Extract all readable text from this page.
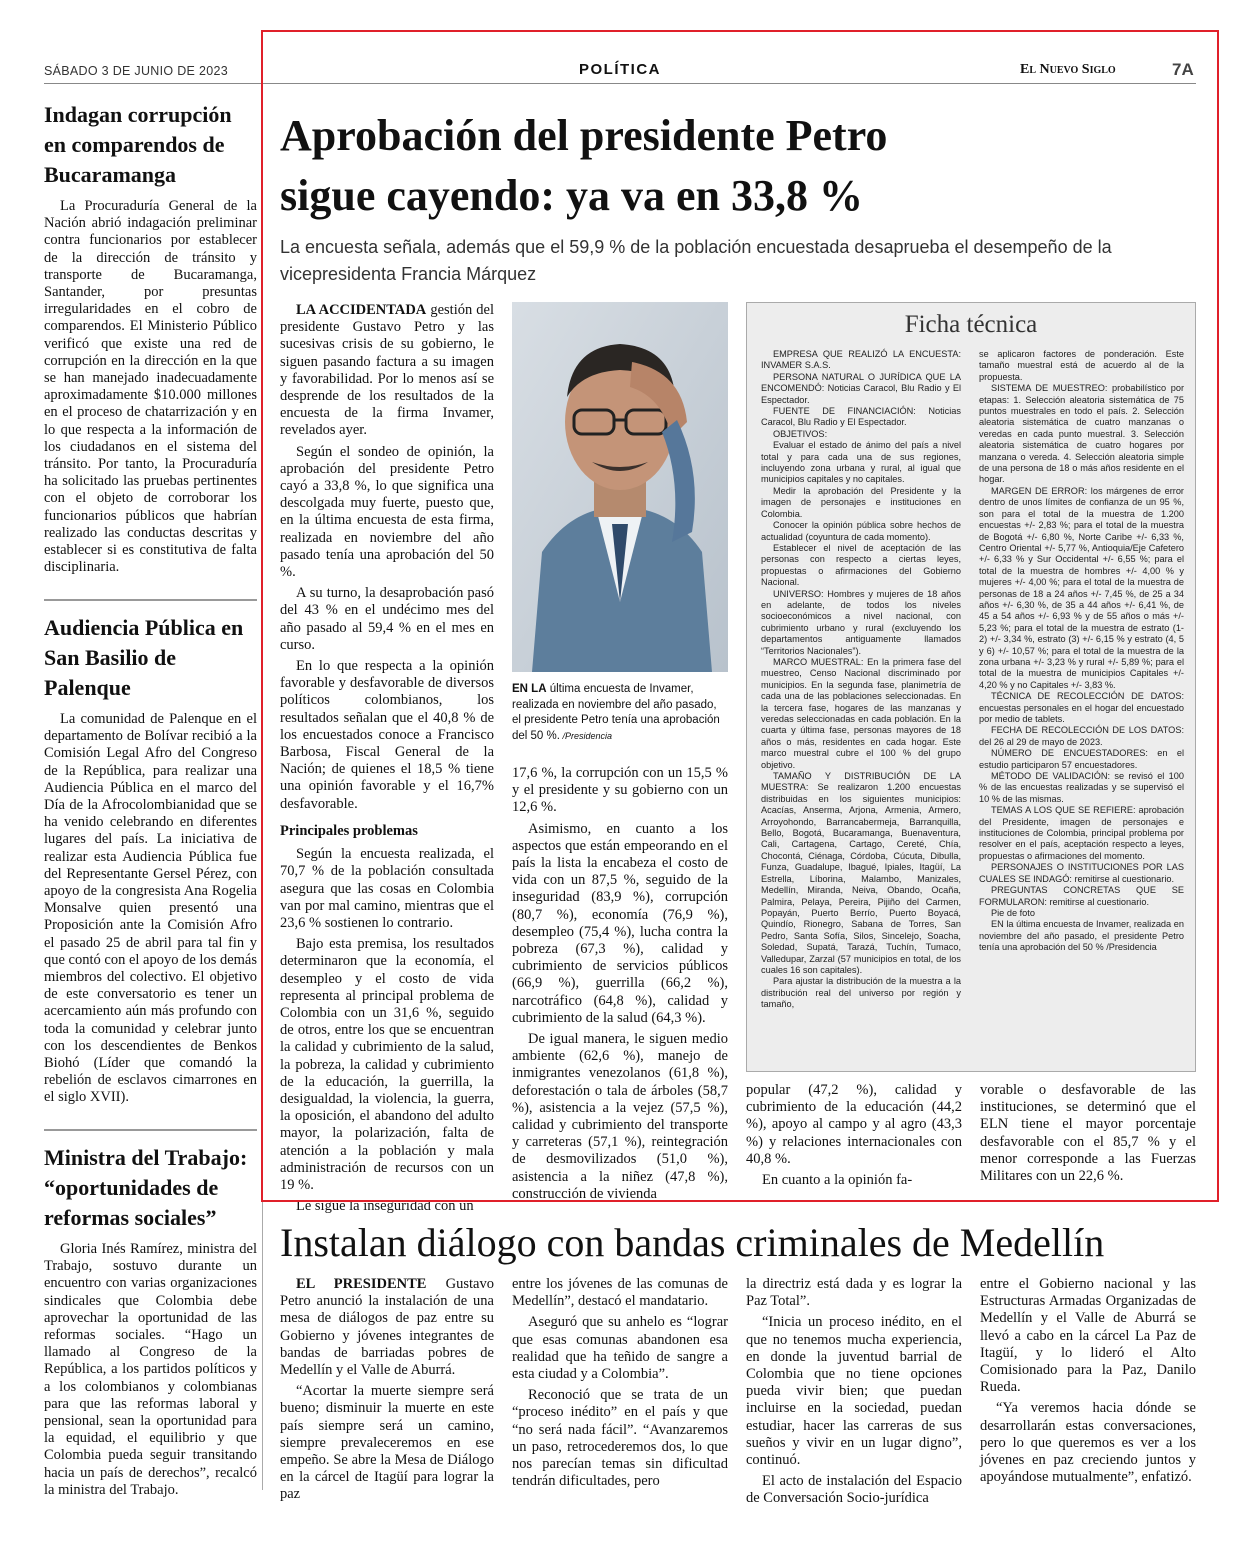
SÁBADO 3 DE JUNIO DE 2023	POLÍTICA	El Nuevo Siglo	7A
Indagan corrupción en comparendos de Bucaramanga

La Procuraduría General de la Nación abrió indagación preliminar contra funcionarios por establecer de la dirección de tránsito y transporte de Bucaramanga, Santander, por presuntas irregularidades en el cobro de comparendos. El Ministerio Público verificó que existe una red de corrupción en la dirección en la que se han manejado inadecuadamente aproximadamente $10.000 millones en el proceso de chatarrización y en lo que respecta a la información de los ciudadanos en el sistema del tránsito. Por tanto, la Procuraduría ha solicitado las pruebas pertinentes con el objeto de corroborar los funcionarios públicos que habrían realizado las conductas descritas y establecer si es constitutiva de falta disciplinaria.

Audiencia Pública en San Basilio de Palenque

La comunidad de Palenque en el departamento de Bolívar recibió a la Comisión Legal Afro del Congreso de la República, para realizar una Audiencia Pública en el marco del Día de la Afrocolombianidad que se ha venido celebrando en diferentes lugares del país. La iniciativa de realizar esta Audiencia Pública fue del Representante Gersel Pérez, con apoyo de la congresista Ana Rogelia Monsalve quien presentó una Proposición ante la Comisión Afro el pasado 25 de abril para tal fin y que contó con el apoyo de los demás miembros del colectivo. El objetivo de este conversatorio es tener un acercamiento aún más profundo con toda la comunidad y celebrar junto con los descendientes de Benkos Biohó (Líder que comandó la rebelión de esclavos cimarrones en el siglo XVII).

Ministra del Trabajo: “oportunidades de reformas sociales”

Gloria Inés Ramírez, ministra del Trabajo, sostuvo durante un encuentro con varias organizaciones sindicales que Colombia debe aprovechar la oportunidad de las reformas sociales. “Hago un llamado al Congreso de la República, a los partidos políticos y a los colombianos y colombianas para que las reformas laboral y pensional, sean la oportunidad para la equidad, el equilibrio y que Colombia pueda seguir transitando hacia un país de derechos”, recalcó la ministra del Trabajo.

Aprobación del presidente Petro
sigue cayendo: ya va en 33,8 %
La encuesta señala, además que el 59,9 % de la población encuestada desaprueba el desempeño de la vicepresidenta Francia Márquez

LA ACCIDENTADA gestión del presidente Gustavo Petro y las sucesivas crisis de su gobierno, le siguen pasando factura a su imagen y favorabilidad. Por lo menos así se desprende de los resultados de la encuesta de la firma Invamer, revelados ayer.

Según el sondeo de opinión, la aprobación del presidente Petro cayó a 33,8 %, lo que significa una descolgada muy fuerte, puesto que, en la última encuesta de esta firma, realizada en noviembre del año pasado tenía una aprobación del 50 %.

A su turno, la desaprobación pasó del 43 % en el undécimo mes del año pasado al 59,4 % en el mes en curso.

En lo que respecta a la opinión favorable y desfavorable de diversos políticos colombianos, los resultados señalan que el 40,8 % de los encuestados conoce a Francisco Barbosa, Fiscal General de la Nación; de quienes el 18,5 % tiene una opinión favorable y el 16,7% desfavorable.

Principales problemas

Según la encuesta realizada, el 70,7 % de la población consultada asegura que las cosas en Colombia van por mal camino, mientras que el 23,6 % sostienen lo contrario.

Bajo esta premisa, los resultados determinaron que la economía, el desempleo y el costo de vida representa al principal problema de Colombia con un 31,6 %, seguido de otros, entre los que se encuentran la calidad y cubrimiento de la salud, la pobreza, la calidad y cubrimiento de la educación, la guerrilla, la desigualdad, la violencia, la guerra, la oposición, el abandono del adulto mayor, la polarización, falta de atención a la población y mala administración de recursos con un 19 %.

Le sigue la inseguridad con un

EN LA última encuesta de Invamer, realizada en noviembre del año pasado, el presidente Petro tenía una aprobación del 50 %. /Presidencia

17,6 %, la corrupción con un 15,5 % y el presidente y su gobierno con un 12,6 %.

Asimismo, en cuanto a los aspectos que están empeorando en el país la lista la encabeza el costo de vida con un 87,5 %, seguido de la inseguridad (83,9 %), corrupción (80,7 %), economía (76,9 %), desempleo (75,4 %), lucha contra la pobreza (67,3 %), calidad y cubrimiento de servicios públicos (66,9 %), guerrilla (66,2 %), narcotráfico (64,8 %), calidad y cubrimiento de la salud (64,3 %).

De igual manera, le siguen medio ambiente (62,6 %), manejo de inmigrantes venezolanos (61,8 %), deforestación o tala de árboles (58,7 %), asistencia a la vejez (57,5 %), calidad y cubrimiento del transporte y carreteras (57,1 %), reintegración de desmovilizados (51,0 %), asistencia a la niñez (47,8 %), construcción de vivienda

Ficha técnica

EMPRESA QUE REALIZÓ LA ENCUESTA: INVAMER S.A.S.

PERSONA NATURAL O JURÍDICA QUE LA ENCOMENDÓ: Noticias Caracol, Blu Radio y El Espectador.

FUENTE DE FINANCIACIÓN: Noticias Caracol, Blu Radio y El Espectador.

OBJETIVOS:

Evaluar el estado de ánimo del país a nivel total y para cada una de sus regiones, incluyendo zona urbana y rural, al igual que municipios capitales y no capitales.

Medir la aprobación del Presidente y la imagen de personajes e instituciones en Colombia.

Conocer la opinión pública sobre hechos de actualidad (coyuntura de cada momento).

Establecer el nivel de aceptación de las personas con respecto a ciertas leyes, propuestas o afirmaciones del Gobierno Nacional.

UNIVERSO: Hombres y mujeres de 18 años en adelante, de todos los niveles socioeconómicos a nivel nacional, con cubrimiento urbano y rural (excluyendo los departamentos antiguamente llamados “Territorios Nacionales”).

MARCO MUESTRAL: En la primera fase del muestreo, Censo Nacional discriminado por municipios. En la segunda fase, planimetría de cada una de las poblaciones seleccionadas. En la tercera fase, hogares de las manzanas y veredas seleccionadas en cada población. En la cuarta y última fase, personas mayores de 18 años o más, residentes en cada hogar. Este marco muestral cubre el 100 % del grupo objetivo.

TAMAÑO Y DISTRIBUCIÓN DE LA MUESTRA: Se realizaron 1.200 encuestas distribuidas en los siguientes municipios: Acacías, Anserma, Arjona, Armenia, Armero, Arroyohondo, Barrancabermeja, Barranquilla, Bello, Bogotá, Bucaramanga, Buenaventura, Cali, Cartagena, Cartago, Cereté, Chía, Chocontá, Ciénaga, Córdoba, Cúcuta, Dibulla, Funza, Guadalupe, Ibagué, Ipiales, Itagüí, La Estrella, Líborina, Malambo, Manizales, Medellín, Miranda, Neiva, Obando, Ocaña, Palmira, Pelaya, Pereira, Pijiño del Carmen, Popayán, Puerto Berrío, Puerto Boyacá, Quindío, Rionegro, Sabana de Torres, San Pedro, Santa Sofía, Silos, Sincelejo, Soacha, Soledad, Supatá, Tarazá, Tuchín, Tumaco, Valledupar, Zarzal (57 municipios en total, de los cuales 16 son capitales).

Para ajustar la distribución de la muestra a la distribución real del universo por región y tamaño,

se aplicaron factores de ponderación. Este tamaño muestral está de acuerdo al de la propuesta.

SISTEMA DE MUESTREO: probabilístico por etapas: 1. Selección aleatoria sistemática de 75 puntos muestrales en todo el país. 2. Selección aleatoria sistemática de cuatro manzanas o veredas en cada punto muestral. 3. Selección aleatoria sistemática de cuatro hogares por manzana o vereda. 4. Selección aleatoria simple de una persona de 18 o más años residente en el hogar.

MARGEN DE ERROR: los márgenes de error dentro de unos límites de confianza de un 95 %, son para el total de la muestra de 1.200 encuestas +/- 2,83 %; para el total de la muestra de Bogotá +/- 6,80 %, Norte Caribe +/- 6,33 %, Centro Oriental +/- 5,77 %, Antioquia/Eje Cafetero +/- 6,33 % y Sur Occidental +/- 6,55 %; para el total de la muestra de hombres +/- 4,00 % y mujeres +/- 4,00 %; para el total de la muestra de personas de 18 a 24 años +/- 7,45 %, de 25 a 34 años +/- 6,30 %, de 35 a 44 años +/- 6,41 %, de 45 a 54 años +/- 6,93 % y de 55 años o más +/- 5,23 %; para el total de la muestra de estrato (1-2) +/- 3,34 %, estrato (3) +/- 6,15 % y estrato (4, 5 y 6) +/- 10,57 %; para el total de la muestra de la zona urbana +/- 3,23 % y rural +/- 5,89 %; para el total de la muestra de municipios Capitales +/- 4,20 % y no Capitales +/- 3,83 %.

TÉCNICA DE RECOLECCIÓN DE DATOS: encuestas personales en el hogar del encuestado por medio de tablets.

FECHA DE RECOLECCIÓN DE LOS DATOS: del 26 al 29 de mayo de 2023.

NÚMERO DE ENCUESTADORES: en el estudio participaron 57 encuestadores.

MÉTODO DE VALIDACIÓN: se revisó el 100 % de las encuestas realizadas y se supervisó el 10 % de las mismas.

TEMAS A LOS QUE SE REFIERE: aprobación del Presidente, imagen de personajes e instituciones de Colombia, principal problema por resolver en el país, aceptación respecto a leyes, propuestas o afirmaciones del momento.

PERSONAJES O INSTITUCIONES POR LAS CUALES SE INDAGÓ: remitirse al cuestionario.

PREGUNTAS CONCRETAS QUE SE FORMULARON: remitirse al cuestionario.

Pie de foto

EN la última encuesta de Invamer, realizada en noviembre del año pasado, el presidente Petro tenía una aprobación del 50 % /Presidencia

popular (47,2 %), calidad y cubrimiento de la educación (44,2 %), apoyo al campo y al agro (43,3 %) y relaciones internacionales con 40,8 %.

En cuanto a la opinión fa-

vorable o desfavorable de las instituciones, se determinó que el ELN tiene el mayor porcentaje desfavorable con el 85,7 % y el menor corresponde a las Fuerzas Militares con un 22,6 %.

Instalan diálogo con bandas criminales de Medellín

EL PRESIDENTE Gustavo Petro anunció la instalación de una mesa de diálogos de paz entre su Gobierno y jóvenes integrantes de bandas de barriadas pobres de Medellín y el Valle de Aburrá.

“Acortar la muerte siempre será bueno; disminuir la muerte en este país siempre será un camino, siempre prevaleceremos en ese empeño. Se abre la Mesa de Diálogo en la cárcel de Itagüí para lograr la paz

entre los jóvenes de las comunas de Medellín”, destacó el mandatario.

Aseguró que su anhelo es “lograr que esas comunas abandonen esa realidad que ha teñido de sangre a esta ciudad y a Colombia”.

Reconoció que se trata de un “proceso inédito” en el país y que “no será nada fácil”. “Avanzaremos un paso, retrocederemos dos, lo que nos parecían temas sin dificultad tendrán dificultades, pero

la directriz está dada y es lograr la Paz Total”.

“Inicia un proceso inédito, en el que no tenemos mucha experiencia, en donde la juventud barrial de Colombia que no tiene opciones pueda vivir bien; que puedan incluirse en la sociedad, puedan estudiar, hacer las carreras de sus sueños y vivir en un lugar digno”, continuó.

El acto de instalación del Espacio de Conversación Socio-jurídica

entre el Gobierno nacional y las Estructuras Armadas Organizadas de Medellín y el Valle de Aburrá se llevó a cabo en la cárcel La Paz de Itagüí, y lo lideró el Alto Comisionado para la Paz, Danilo Rueda.

“Ya veremos hacia dónde se desarrollarán estas conversaciones, pero lo que queremos es ver a los jóvenes en paz creciendo juntos y apoyándose mutualmente”, enfatizó.
